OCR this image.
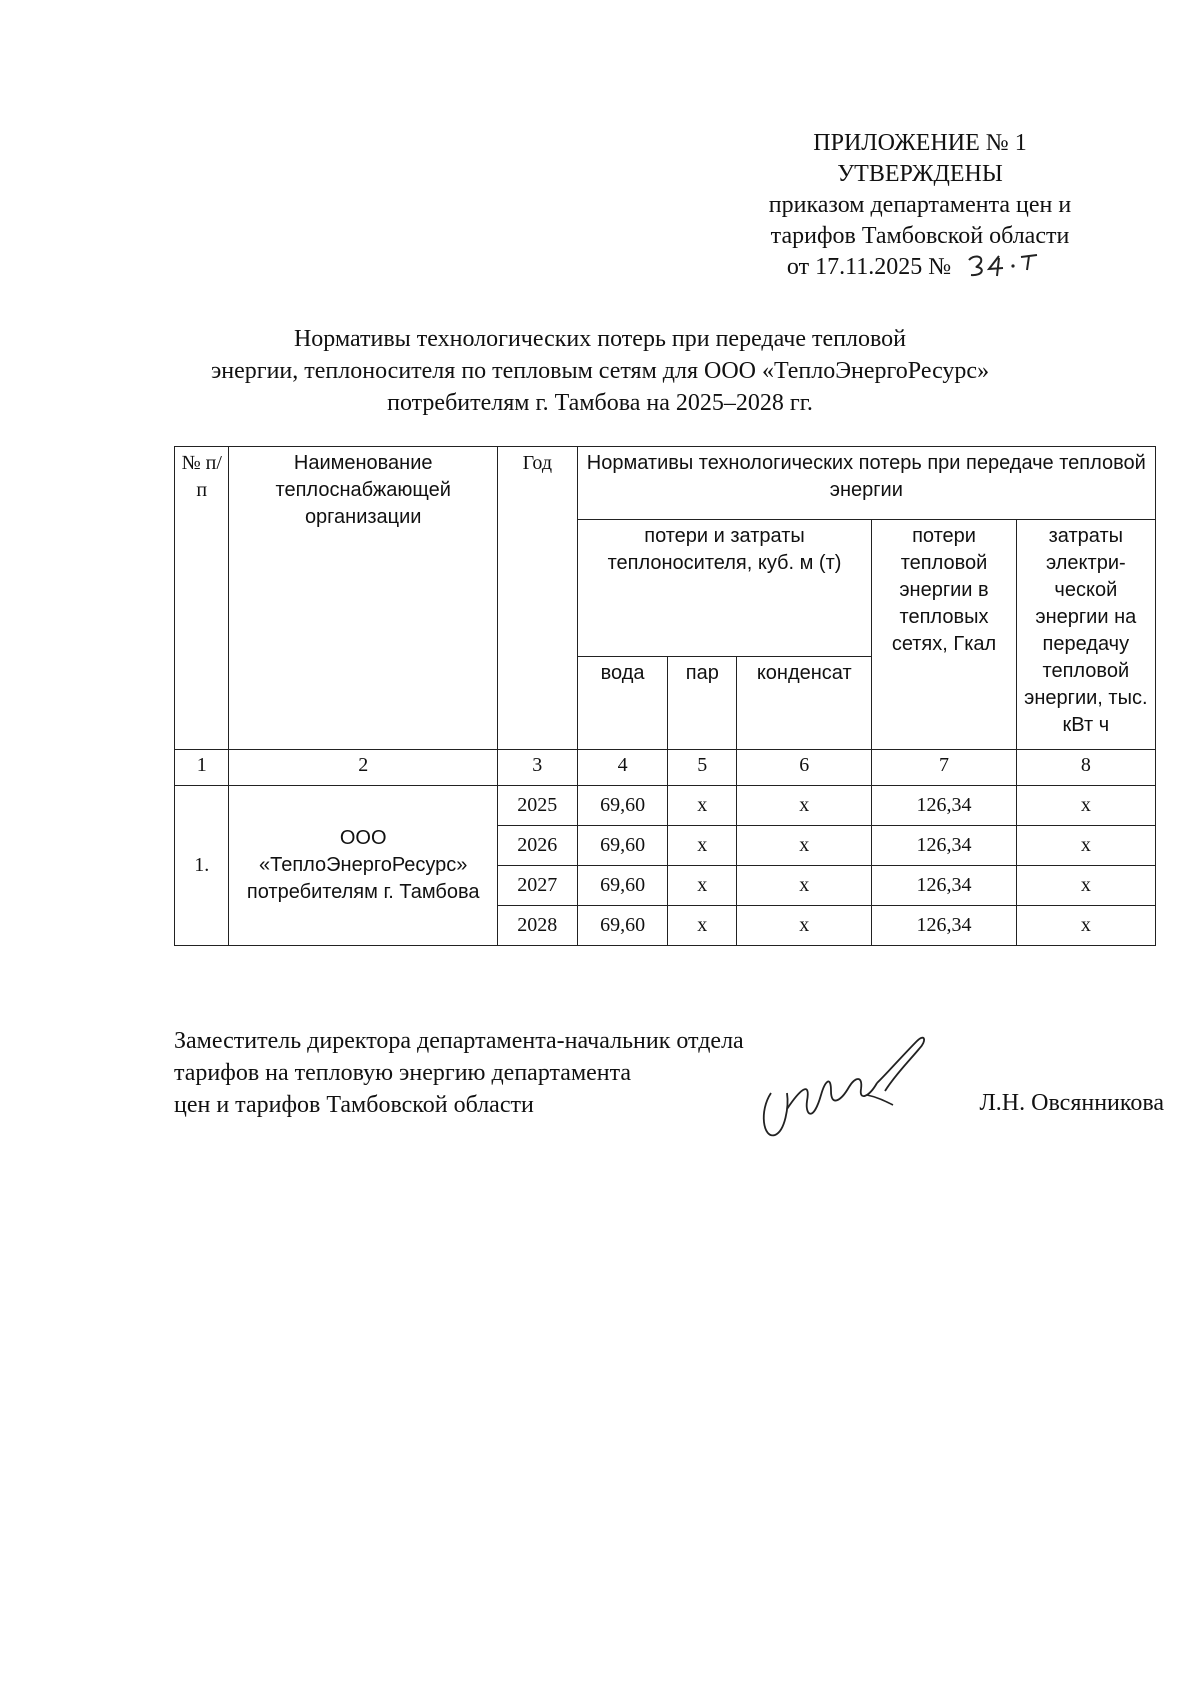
ПРИЛОЖЕНИЕ № 1
УТВЕРЖДЕНЫ
приказом департамента цен и
тарифов Тамбовской области
от 17.11.2025 №
Нормативы технологических потерь при передаче тепловой
энергии, теплоносителя по тепловым сетям для ООО «ТеплоЭнергоРесурс»
потребителям г. Тамбова на 2025–2028 гг.
№ п/п	Наименование теплоснабжающей организации	Год	Нормативы технологических потерь при передаче тепловой энергии				
			потери и затраты теплоносителя, куб. м (т)			потери тепловой энергии в тепловых сетях, Гкал	затраты электри-ческой энергии на передачу тепловой энергии, тыс. кВт ч
			вода	пар	конденсат		
1	2	3	4	5	6	7	8
1.	ООО «ТеплоЭнергоРесурс» потребителям г. Тамбова	2025	69,60	x	x	126,34	x
		2026	69,60	x	x	126,34	x
		2027	69,60	x	x	126,34	x
		2028	69,60	x	x	126,34	x
Заместитель директора департамента-начальник отдела
тарифов на тепловую энергию департамента
цен и тарифов Тамбовской области	Л.Н. Овсянникова
